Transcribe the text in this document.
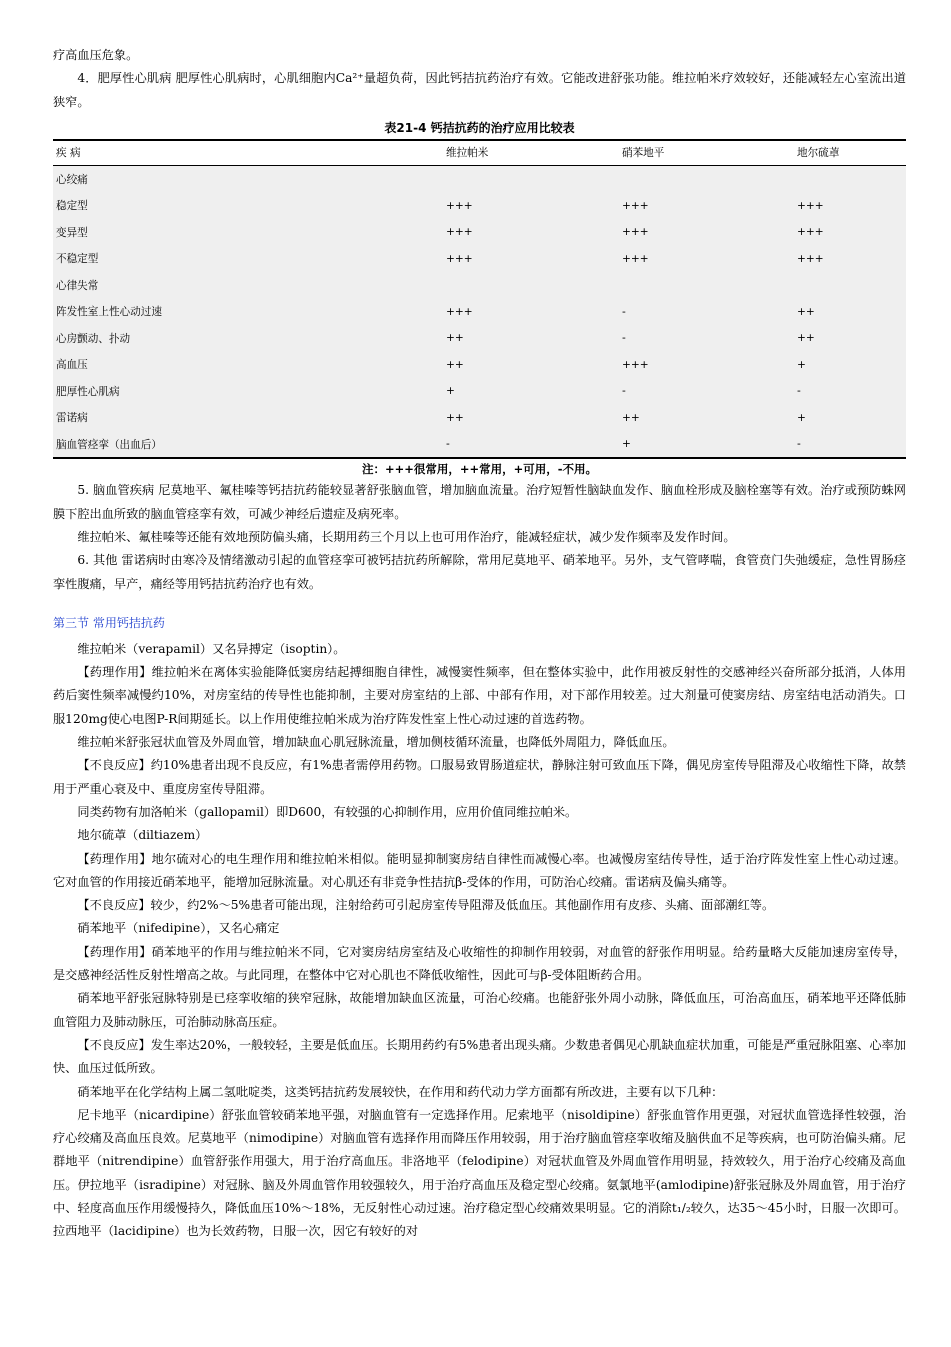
疗高血压危象。

4．肥厚性心肌病 肥厚性心肌病时，心肌细胞内Ca²⁺量超负荷，因此钙拮抗药治疗有效。它能改进舒张功能。维拉帕米疗效较好，还能减轻左心室流出道狭窄。

表21-4 钙拮抗药的治疗应用比较表
疾 病	维拉帕米	硝苯地平	地尔硫䓬
心绞痛			
稳定型	+++	+++	+++
变异型	+++	+++	+++
不稳定型	+++	+++	+++
心律失常			
阵发性室上性心动过速	+++	-	++
心房颤动、扑动	++	-	++
高血压	++	+++	+
肥厚性心肌病	+	-	-
雷诺病	++	++	+
脑血管痉挛（出血后）	-	+	-
注：+++很常用，++常用，+可用，-不用。

5. 脑血管疾病 尼莫地平、氟桂嗪等钙拮抗药能较显著舒张脑血管，增加脑血流量。治疗短暂性脑缺血发作、脑血栓形成及脑栓塞等有效。治疗或预防蛛网膜下腔出血所致的脑血管痉挛有效，可减少神经后遗症及病死率。

维拉帕米、氟桂嗪等还能有效地预防偏头痛，长期用药三个月以上也可用作治疗，能减轻症状，减少发作频率及发作时间。

6. 其他 雷诺病时由寒冷及情绪激动引起的血管痉挛可被钙拮抗药所解除，常用尼莫地平、硝苯地平。另外，支气管哮喘，食管贲门失弛缓症，急性胃肠痉挛性腹痛，早产，痛经等用钙拮抗药治疗也有效。

第三节 常用钙拮抗药

维拉帕米（verapamil）又名异搏定（isoptin）。

【药理作用】维拉帕米在离体实验能降低窦房结起搏细胞自律性，减慢窦性频率，但在整体实验中，此作用被反射性的交感神经兴奋所部分抵消，人体用药后窦性频率减慢约10%，对房室结的传导性也能抑制，主要对房室结的上部、中部有作用，对下部作用较差。过大剂量可使窦房结、房室结电活动消失。口服120mg使心电图P-R间期延长。以上作用使维拉帕米成为治疗阵发性室上性心动过速的首选药物。

维拉帕米舒张冠状血管及外周血管，增加缺血心肌冠脉流量，增加侧枝循环流量，也降低外周阻力，降低血压。

【不良反应】约10%患者出现不良反应，有1%患者需停用药物。口服易致胃肠道症状，静脉注射可致血压下降，偶见房室传导阻滞及心收缩性下降，故禁用于严重心衰及中、重度房室传导阻滞。

同类药物有加洛帕米（gallopamil）即D600，有较强的心抑制作用，应用价值同维拉帕米。

地尔硫䓬（diltiazem）

【药理作用】地尔硫对心的电生理作用和维拉帕米相似。能明显抑制窦房结自律性而减慢心率。也减慢房室结传导性，适于治疗阵发性室上性心动过速。它对血管的作用接近硝苯地平，能增加冠脉流量。对心肌还有非竞争性拮抗β-受体的作用，可防治心绞痛。雷诺病及偏头痛等。

【不良反应】较少，约2%～5%患者可能出现，注射给药可引起房室传导阻滞及低血压。其他副作用有皮疹、头痛、面部潮红等。

硝苯地平（nifedipine），又名心痛定

【药理作用】硝苯地平的作用与维拉帕米不同，它对窦房结房室结及心收缩性的抑制作用较弱，对血管的舒张作用明显。给药量略大反能加速房室传导，是交感神经活性反射性增高之故。与此同理，在整体中它对心肌也不降低收缩性，因此可与β-受体阻断药合用。

硝苯地平舒张冠脉特别是已痉挛收缩的狭窄冠脉，故能增加缺血区流量，可治心绞痛。也能舒张外周小动脉，降低血压，可治高血压，硝苯地平还降低肺血管阻力及肺动脉压，可治肺动脉高压症。

【不良反应】发生率达20%，一般较轻，主要是低血压。长期用药约有5%患者出现头痛。少数患者偶见心肌缺血症状加重，可能是严重冠脉阻塞、心率加快、血压过低所致。

硝苯地平在化学结构上属二氢吡啶类，这类钙拮抗药发展较快，在作用和药代动力学方面都有所改进，主要有以下几种：

尼卡地平（nicardipine）舒张血管较硝苯地平强，对脑血管有一定选择作用。尼索地平（nisoldipine）舒张血管作用更强，对冠状血管选择性较强，治疗心绞痛及高血压良效。尼莫地平（nimodipine）对脑血管有选择作用而降压作用较弱，用于治疗脑血管痉挛收缩及脑供血不足等疾病，也可防治偏头痛。尼群地平（nitrendipine）血管舒张作用强大，用于治疗高血压。非洛地平（felodipine）对冠状血管及外周血管作用明显，持效较久，用于治疗心绞痛及高血压。伊拉地平（isradipine）对冠脉、脑及外周血管作用较强较久，用于治疗高血压及稳定型心绞痛。氨氯地平(amlodipine)舒张冠脉及外周血管，用于治疗中、轻度高血压作用缓慢持久，降低血压10%～18%，无反射性心动过速。治疗稳定型心绞痛效果明显。它的消除t₁/₂较久，达35～45小时，日服一次即可。拉西地平（lacidipine）也为长效药物，日服一次，因它有较好的对
